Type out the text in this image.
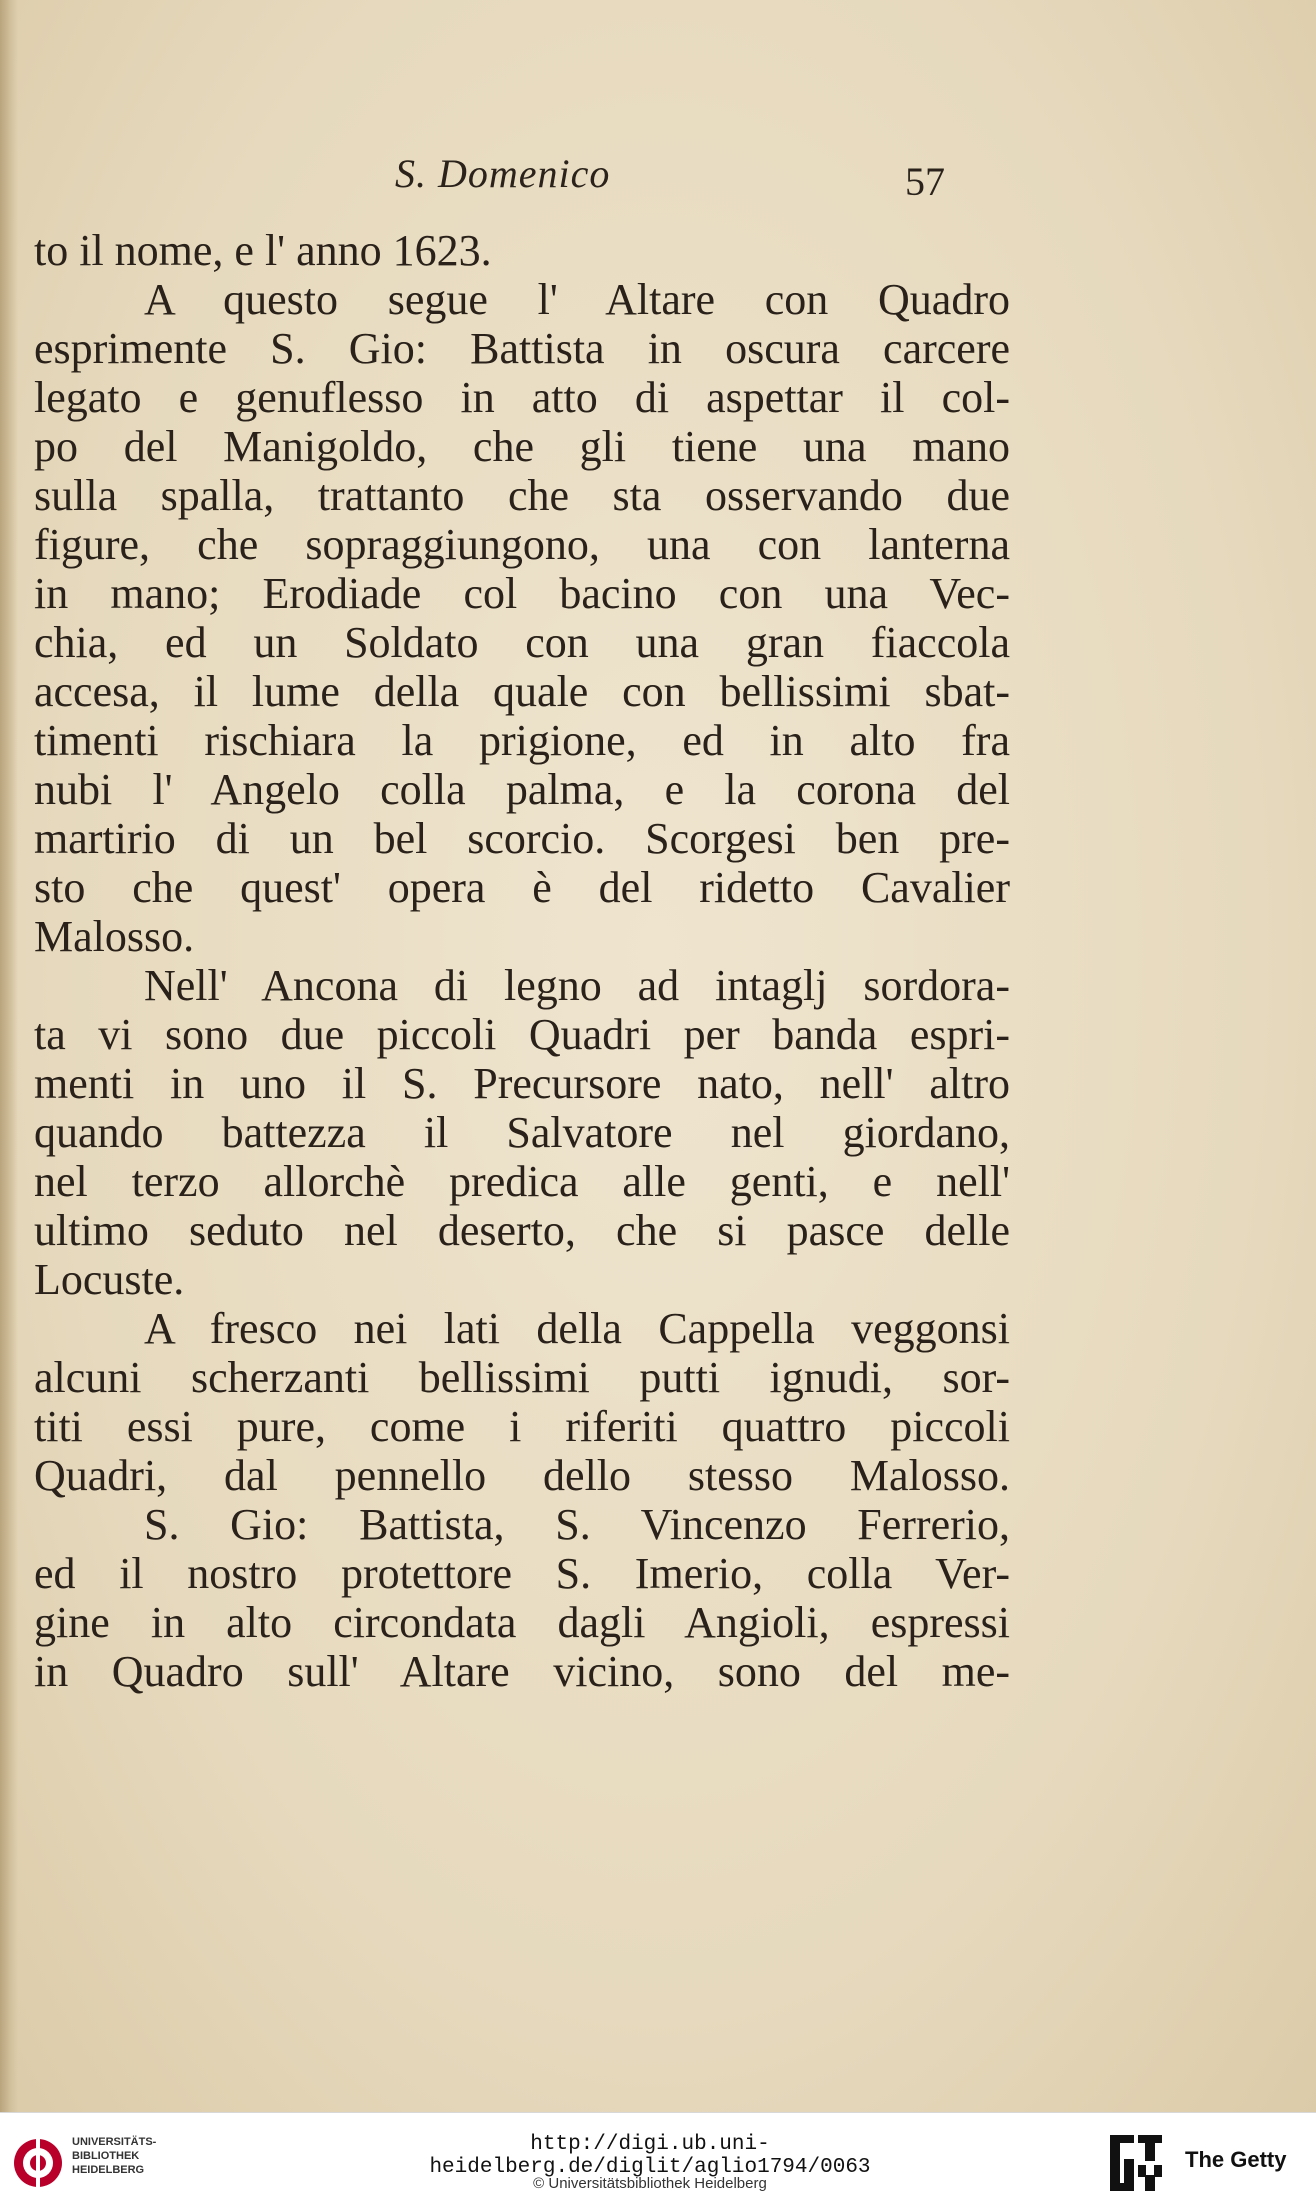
S. Domenico	57
to il nome, e l' anno 1623.
A questo segue l' Altare con Quadro
esprimente S. Gio: Battista in oscura carcere
legato e genuflesso in atto di aspettar il col-
po del Manigoldo, che gli tiene una mano
sulla spalla, trattanto che sta osservando due
figure, che sopraggiungono, una con lanterna
in mano; Erodiade col bacino con una Vec-
chia, ed un Soldato con una gran fiaccola
accesa, il lume della quale con bellissimi sbat-
timenti rischiara la prigione, ed in alto fra
nubi l' Angelo colla palma, e la corona del
martirio di un bel scorcio. Scorgesi ben pre-
sto che quest' opera è del ridetto Cavalier
Malosso.
Nell' Ancona di legno ad intaglj sordora-
ta vi sono due piccoli Quadri per banda espri-
menti in uno il S. Precursore nato, nell' altro
quando battezza il Salvatore nel giordano,
nel terzo allorchè predica alle genti, e nell'
ultimo seduto nel deserto, che si pasce delle
Locuste.
A fresco nei lati della Cappella veggonsi
alcuni scherzanti bellissimi putti ignudi, sor-
titi essi pure, come i riferiti quattro piccoli
Quadri, dal pennello dello stesso Malosso.
S. Gio: Battista, S. Vincenzo Ferrerio,
ed il nostro protettore S. Imerio, colla Ver-
gine in alto circondata dagli Angioli, espressi
in Quadro sull' Altare vicino, sono del me-
UNIVERSITÄTS-
BIBLIOTHEK
HEIDELBERG
http://digi.ub.uni-heidelberg.de/diglit/aglio1794/0063
© Universitätsbibliothek Heidelberg
The Getty
